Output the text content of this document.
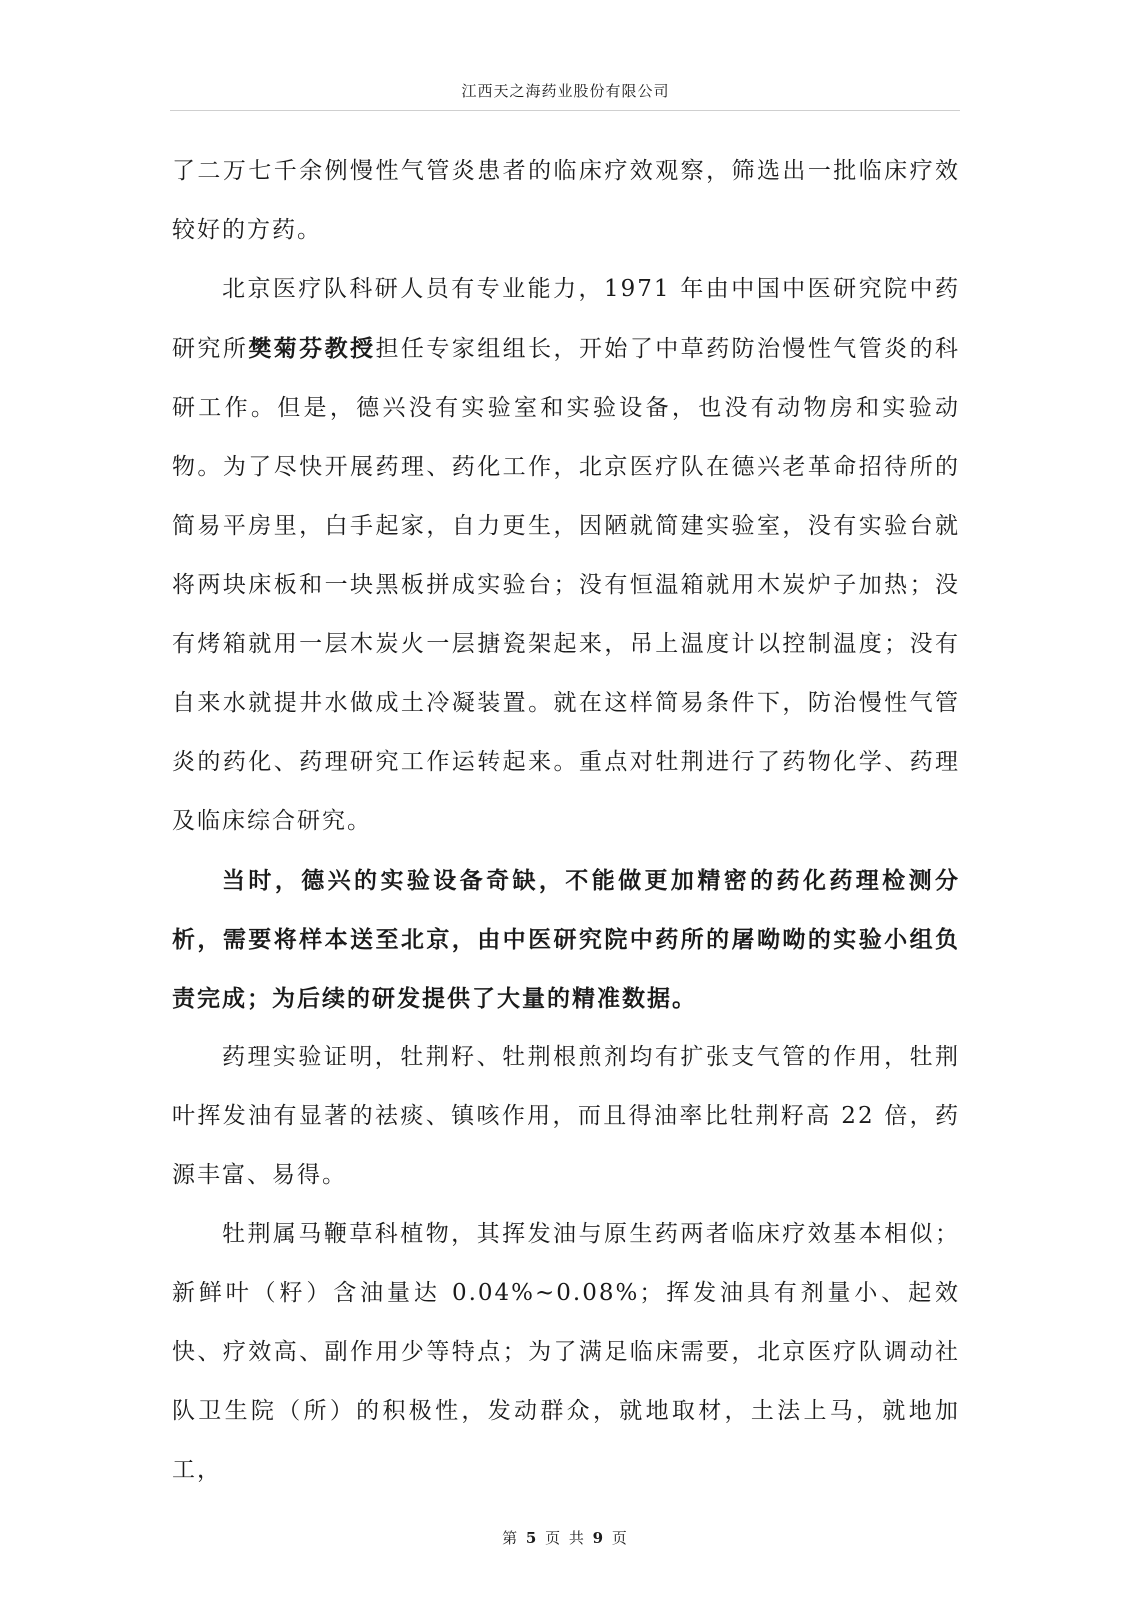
江西天之海药业股份有限公司

了二万七千余例慢性气管炎患者的临床疗效观察，筛选出一批临床疗效较好的方药。

北京医疗队科研人员有专业能力，1971 年由中国中医研究院中药研究所樊菊芬教授担任专家组组长，开始了中草药防治慢性气管炎的科研工作。但是，德兴没有实验室和实验设备，也没有动物房和实验动物。为了尽快开展药理、药化工作，北京医疗队在德兴老革命招待所的简易平房里，白手起家，自力更生，因陋就简建实验室，没有实验台就将两块床板和一块黑板拼成实验台；没有恒温箱就用木炭炉子加热；没有烤箱就用一层木炭火一层搪瓷架起来，吊上温度计以控制温度；没有自来水就提井水做成土冷凝装置。就在这样简易条件下，防治慢性气管炎的药化、药理研究工作运转起来。重点对牡荆进行了药物化学、药理及临床综合研究。

当时，德兴的实验设备奇缺，不能做更加精密的药化药理检测分析，需要将样本送至北京，由中医研究院中药所的屠呦呦的实验小组负责完成；为后续的研发提供了大量的精准数据。

药理实验证明，牡荆籽、牡荆根煎剂均有扩张支气管的作用，牡荆叶挥发油有显著的祛痰、镇咳作用，而且得油率比牡荆籽高 22 倍，药源丰富、易得。

牡荆属马鞭草科植物，其挥发油与原生药两者临床疗效基本相似；新鲜叶（籽）含油量达 0.04%~0.08%；挥发油具有剂量小、起效快、疗效高、副作用少等特点；为了满足临床需要，北京医疗队调动社队卫生院（所）的积极性，发动群众，就地取材，土法上马，就地加工，

第 5 页 共 9 页
